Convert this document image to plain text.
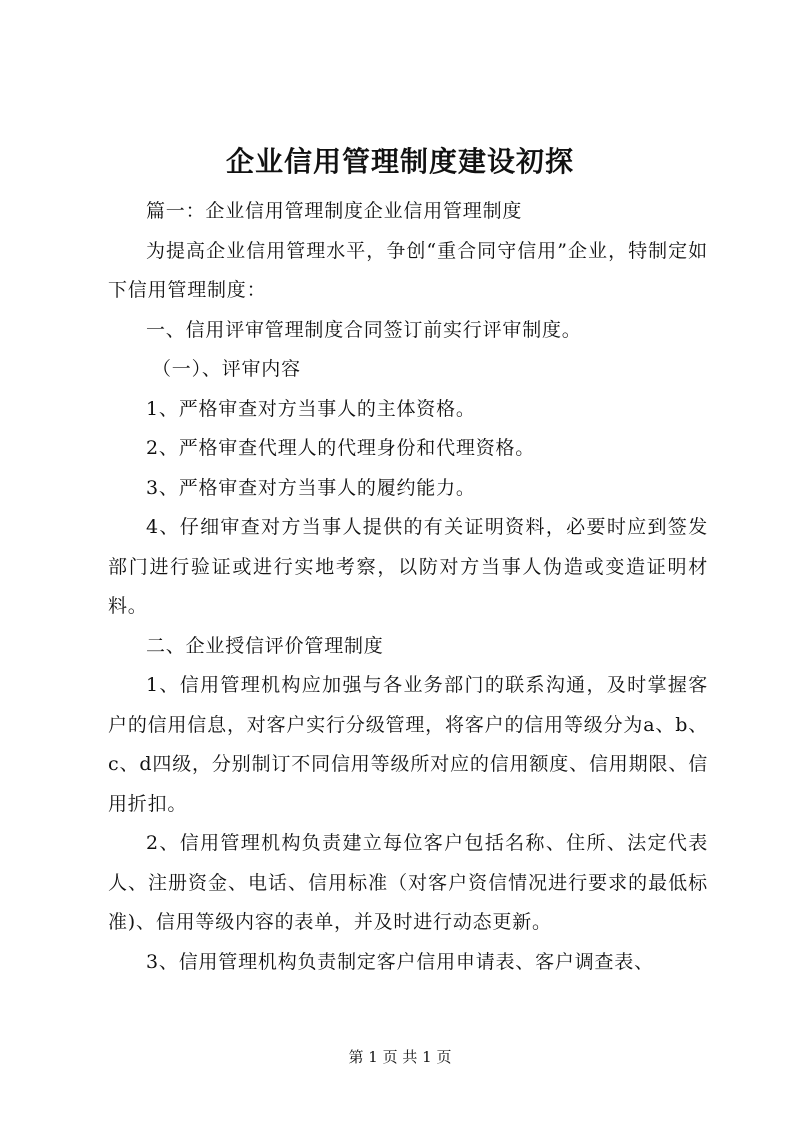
企业信用管理制度建设初探

篇一：企业信用管理制度企业信用管理制度

为提高企业信用管理水平，争创“重合同守信用”企业，特制定如下信用管理制度：

一、信用评审管理制度合同签订前实行评审制度。

（一）、评审内容

1、严格审查对方当事人的主体资格。

2、严格审查代理人的代理身份和代理资格。

3、严格审查对方当事人的履约能力。

4、仔细审查对方当事人提供的有关证明资料，必要时应到签发部门进行验证或进行实地考察，以防对方当事人伪造或变造证明材料。

二、企业授信评价管理制度

1、信用管理机构应加强与各业务部门的联系沟通，及时掌握客户的信用信息，对客户实行分级管理，将客户的信用等级分为a、b、c、d四级，分别制订不同信用等级所对应的信用额度、信用期限、信用折扣。

2、信用管理机构负责建立每位客户包括名称、住所、法定代表人、注册资金、电话、信用标准（对客户资信情况进行要求的最低标准)、信用等级内容的表单，并及时进行动态更新。

3、信用管理机构负责制定客户信用申请表、客户调查表、

第 1 页 共 1 页
